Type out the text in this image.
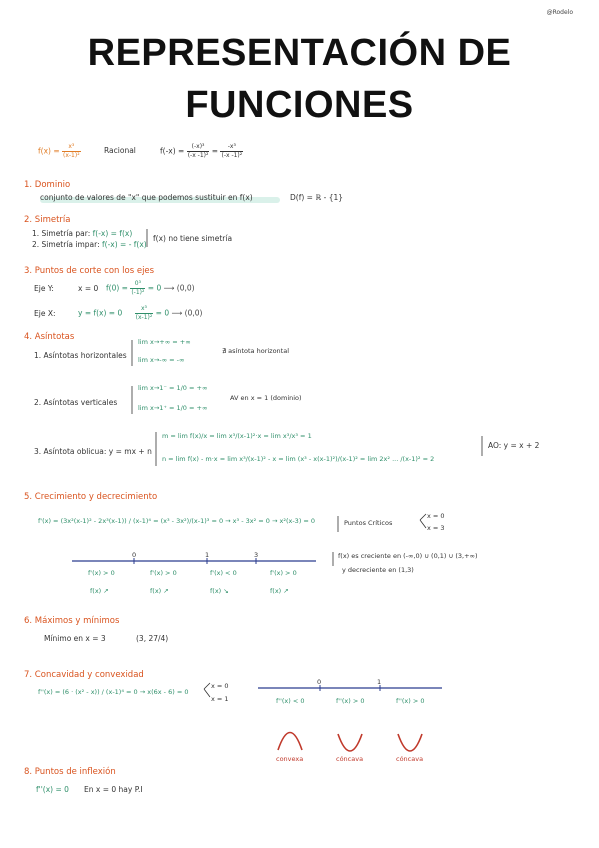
@Rodelo
REPRESENTACIÓN DE
FUNCIONES
$f(x) = \frac{\text{x³}}{\text{(x-1)²}}$	Racional	$f(-x) = \frac{\text{(-x)³}}{\text{(-x -1)²}} = \frac{\text{-x³}}{\text{(-x -1)²}}$
1. Dominio
conjunto de valores de "x" que podemos sustituir en f(x)	D(f) = ℝ - {1}
2. Simetría
1. Simetría par: f(-x) = f(x)
2. Simetría impar: f(-x) = - f(x)
f(x) no tiene simetría
3. Puntos de corte con los ejes
Eje Y:	x = 0 $f(0) = \frac{\text{0³}}{\text{(-1)²}} = 0$ ⟶ (0,0)
Eje X:	$y = f(x) = 0 \frac{\text{x³}}{\text{(x-1)²}} = 0$ ⟶ (0,0)
4. Asíntotas
1. Asíntotas horizontales
lim x→+∞ = +∞
lim x→-∞ = -∞
∄ asíntota horizontal
2. Asíntotas verticales
lim x→1⁻ = 1/0 = +∞
lim x→1⁺ = 1/0 = +∞
AV en x = 1 (dominio)
3. Asíntota oblicua: y = mx + n
m = lim f(x)/x = lim x³/(x-1)²·x = lim x³/x³ = 1
n = lim f(x) - m·x = lim x³/(x-1)² - x = lim (x³ - x(x-1)²)/(x-1)² = lim 2x² ... /(x-1)² = 2
AO: y = x + 2
5. Crecimiento y decrecimiento
f'(x) = (3x²(x-1)² - 2x³(x-1)) / (x-1)⁴ = (x³ - 3x²)/(x-1)³ = 0 → x³ - 3x² = 0 → x²(x-3) = 0
x = 0
x = 3
Puntos Críticos
0	1	3
f'(x) > 0	f'(x) > 0	f'(x) < 0	f'(x) > 0
f(x) ↗	f(x) ↗	f(x) ↘	f(x) ↗
f(x) es creciente en (-∞,0) ∪ (0,1) ∪ (3,+∞)
y decreciente en (1,3)
6. Máximos y mínimos
Mínimo en x = 3	(3, 27/4)
7. Concavidad y convexidad
f''(x) = (6 · (x² - x)) / (x-1)⁴ = 0 → x(6x - 6) = 0
x = 0
x = 1
0	1
f''(x) < 0	f''(x) > 0	f''(x) > 0
convexa	cóncava	cóncava
8. Puntos de inflexión
f''(x) = 0 En x = 0 hay P.I
